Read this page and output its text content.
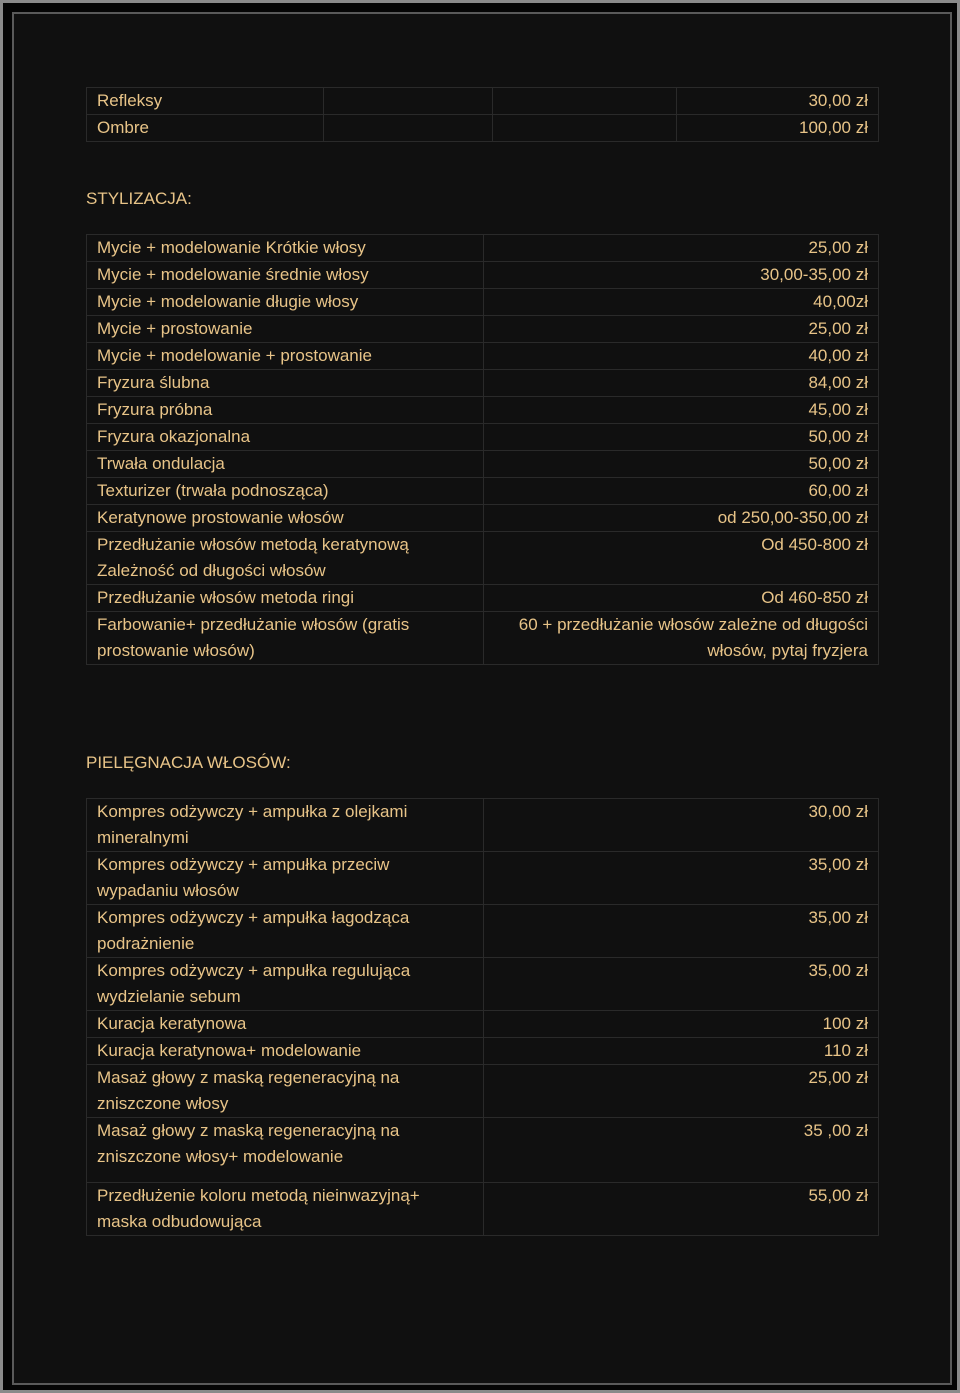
Refleksy			30,00 zł
Ombre			100,00 zł
STYLIZACJA:
Mycie + modelowanie Krótkie włosy	25,00 zł
Mycie + modelowanie średnie włosy	30,00-35,00 zł
Mycie + modelowanie długie włosy	40,00zł
Mycie + prostowanie	25,00 zł
Mycie + modelowanie + prostowanie	40,00 zł
Fryzura ślubna	84,00 zł
Fryzura próbna	45,00 zł
Fryzura okazjonalna	50,00 zł
Trwała ondulacja	50,00 zł
Texturizer (trwała podnosząca)	60,00 zł
Keratynowe prostowanie włosów	od 250,00-350,00 zł
Przedłużanie włosów metodą keratynową Zależność od długości włosów	Od 450-800 zł
Przedłużanie włosów metoda ringi	Od 460-850 zł
Farbowanie+ przedłużanie włosów (gratis prostowanie włosów)	60 + przedłużanie włosów zależne od długości włosów, pytaj fryzjera
PIELĘGNACJA WŁOSÓW:
Kompres odżywczy + ampułka z olejkami mineralnymi	30,00 zł
Kompres odżywczy + ampułka przeciw wypadaniu włosów	35,00 zł
Kompres odżywczy + ampułka łagodząca podrażnienie	35,00 zł
Kompres odżywczy + ampułka regulująca wydzielanie sebum	35,00 zł
Kuracja keratynowa	100 zł
Kuracja keratynowa+ modelowanie	110 zł
Masaż głowy z maską regeneracyjną na zniszczone włosy	25,00 zł
Masaż głowy z maską regeneracyjną na zniszczone włosy+ modelowanie	35 ,00 zł
Przedłużenie koloru metodą nieinwazyjną+ maska odbudowująca	55,00 zł
